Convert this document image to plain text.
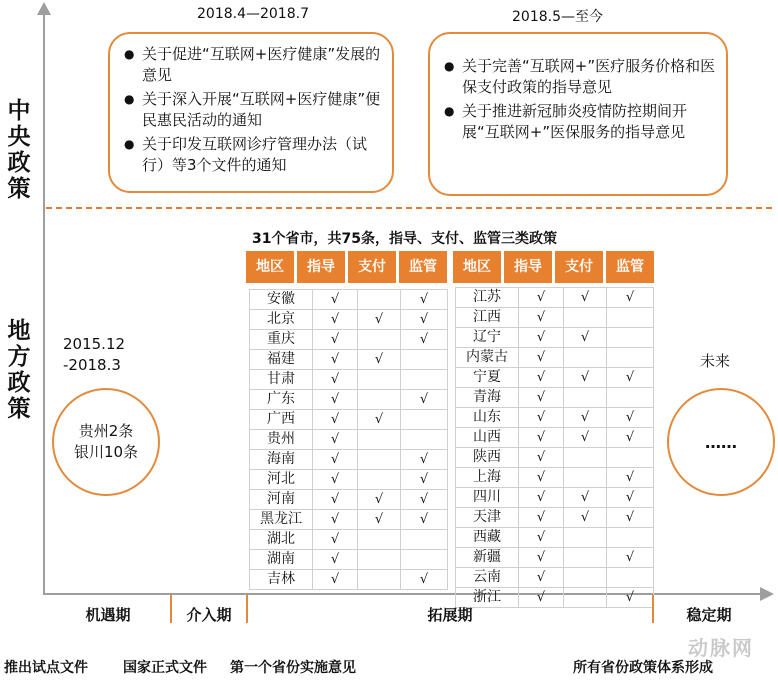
中
央
政
策
地
方
政
策
2018.4—2018.7	2018.5—至今
● 关于促进“互联网+医疗健康”发展的意见
● 关于深入开展“互联网+医疗健康”便民惠民活动的通知
● 关于印发互联网诊疗管理办法（试行）等3个文件的通知
● 关于完善“互联网+”医疗服务价格和医保支付政策的指导意见
● 关于推进新冠肺炎疫情防控期间开展“互联网+”医保服务的指导意见
2015.12
-2018.3
贵州2条
银川10条
未来
……
31个省市，共75条，指导、支付、监管三类政策
地区	指导	支付	监管	地区	指导	支付	监管
安徽	√		√
北京	√	√	√
重庆	√		√
福建	√	√	
甘肃	√		
广东	√		√
广西	√	√	
贵州	√		
海南	√		√
河北	√		√
河南	√	√	√
黑龙江	√	√	√
湖北	√		
湖南	√		
吉林	√		√
江苏	√	√	√
江西	√		
辽宁	√	√	
内蒙古	√		
宁夏	√	√	√
青海	√		
山东	√	√	√
山西	√	√	√
陕西	√		
上海	√		√
四川	√	√	√
天津	√	√	√
西藏	√		
新疆	√		√
云南	√		
浙江	√		√
机遇期	介入期	拓展期	稳定期
推出试点文件	国家正式文件 第一个省份实施意见	所有省份政策体系形成
动脉网
